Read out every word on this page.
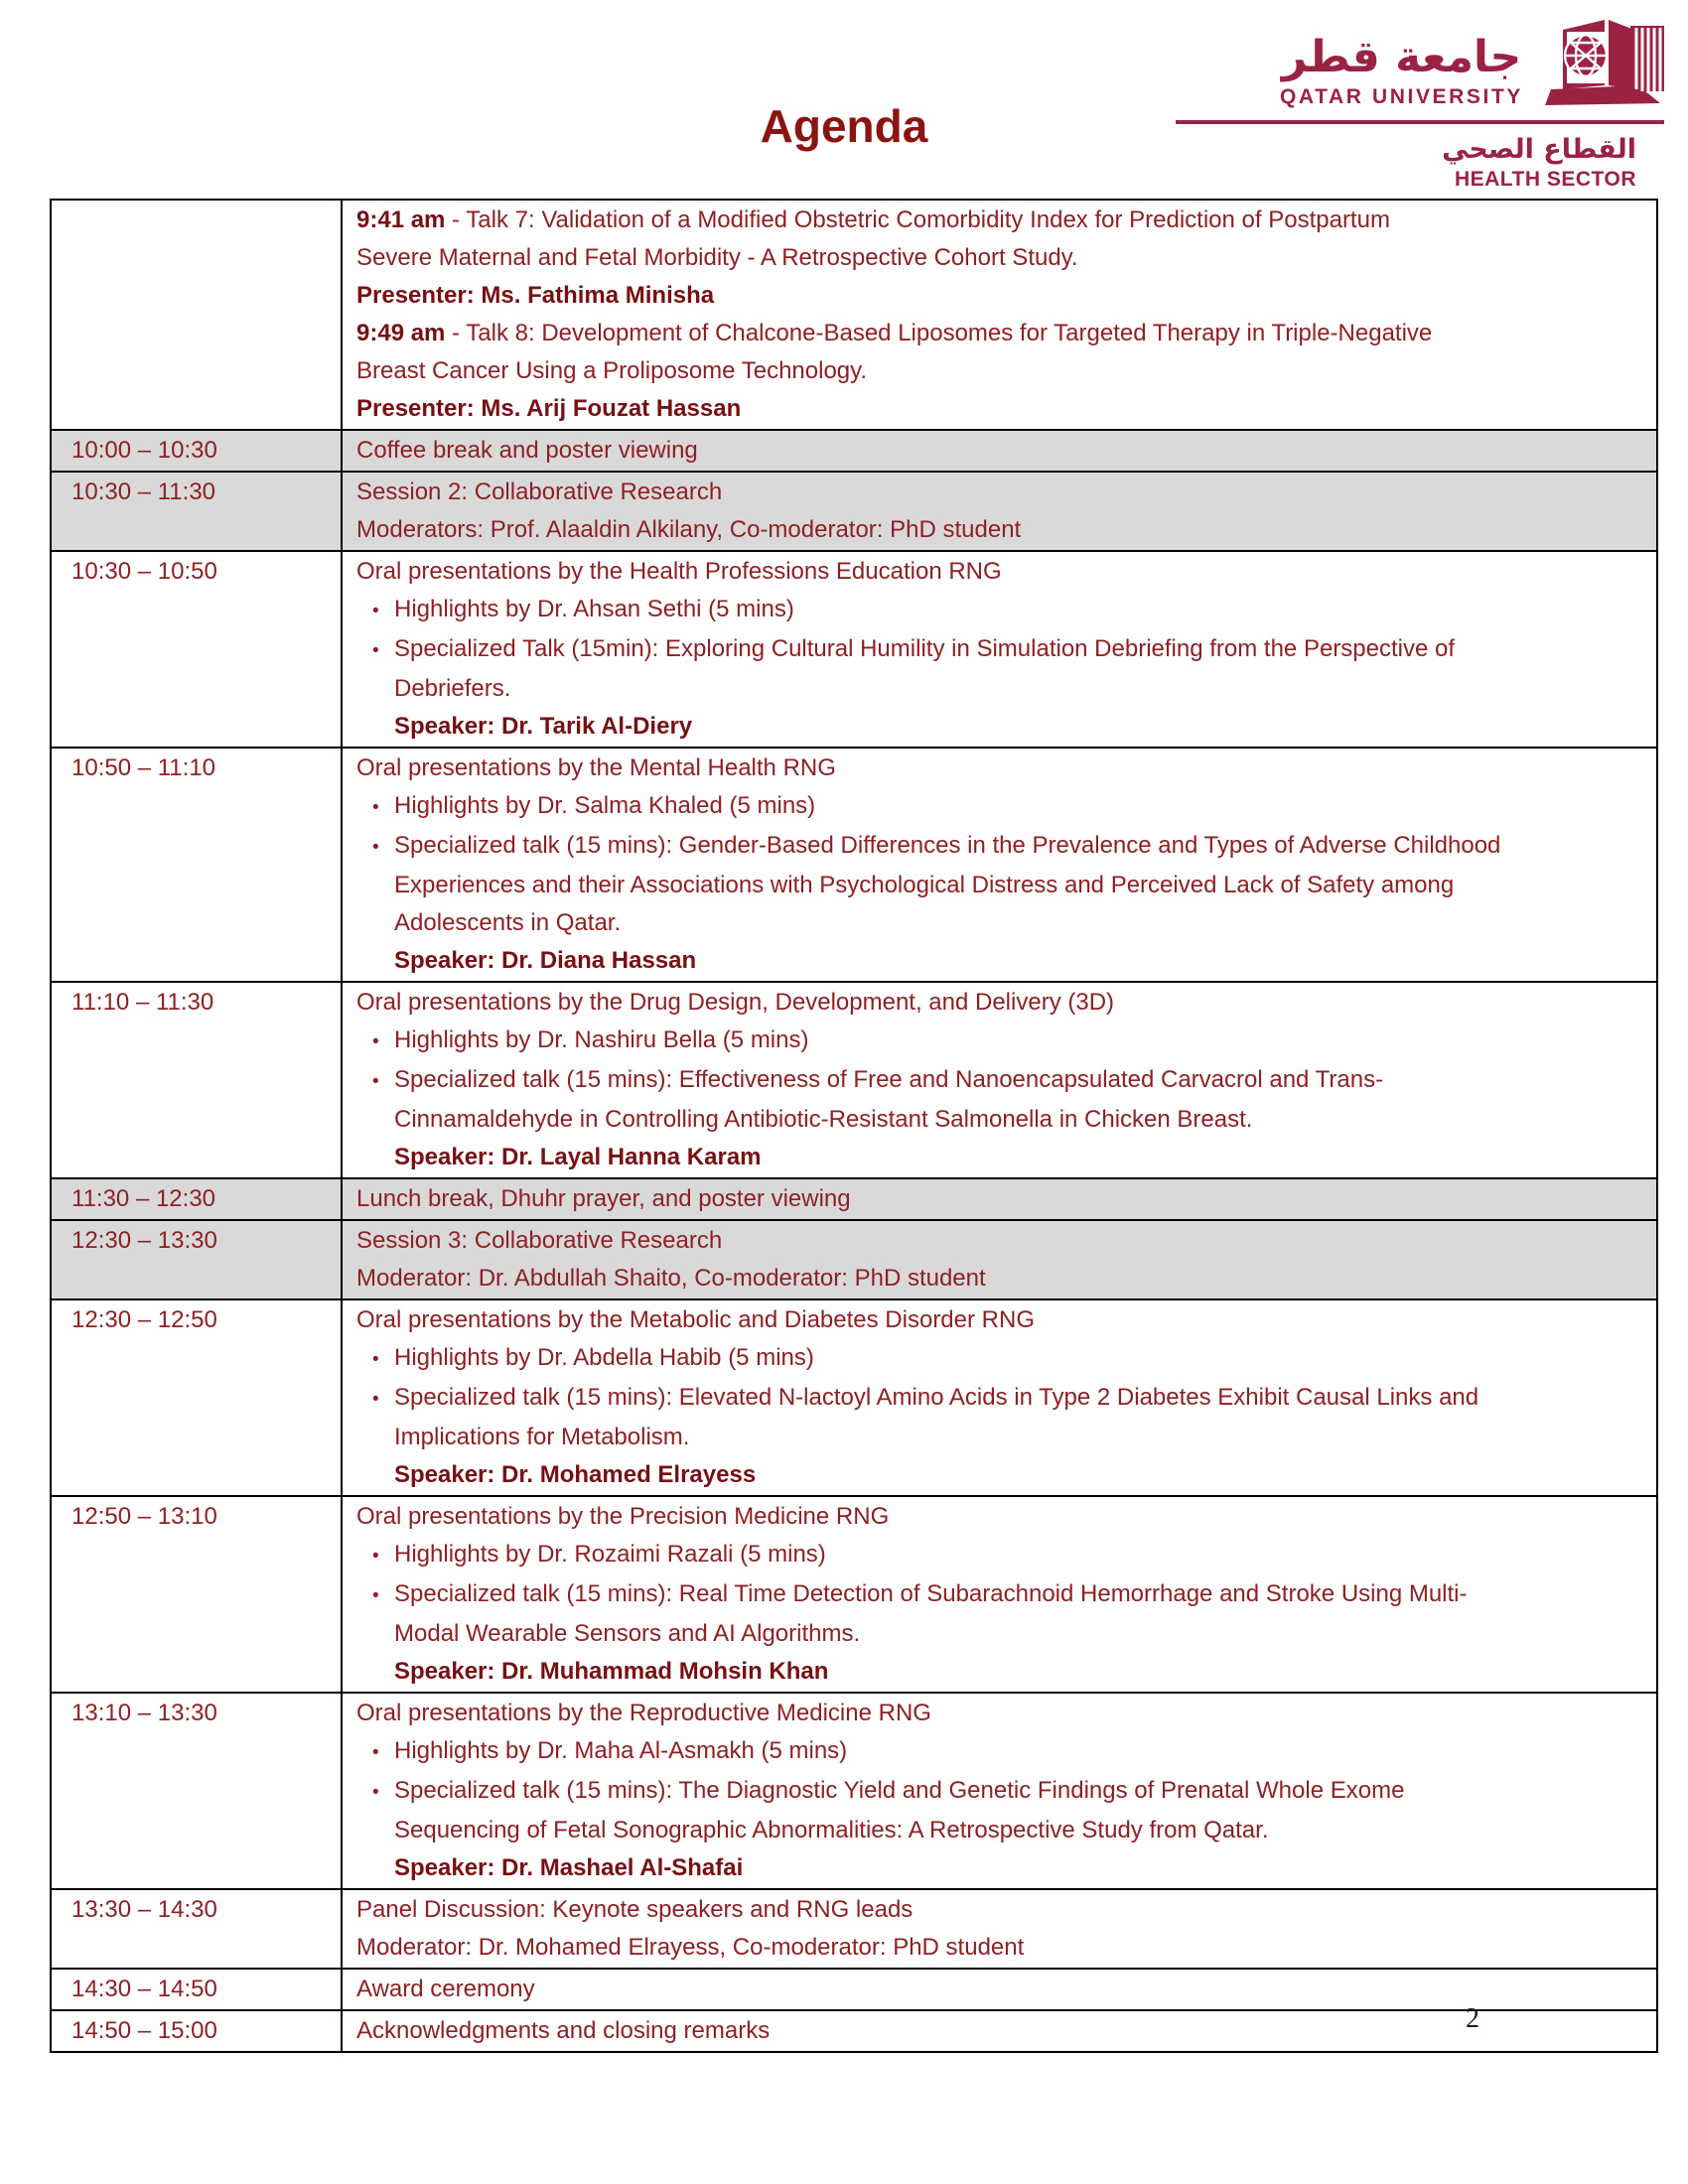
جامعة قطر
QATAR UNIVERSITY
القطاع الصحي
HEALTH SECTOR
Agenda
9:41 am - Talk 7: Validation of a Modified Obstetric Comorbidity Index for Prediction of Postpartum
Severe Maternal and Fetal Morbidity - A Retrospective Cohort Study.
Presenter: Ms. Fathima Minisha
9:49 am - Talk 8: Development of Chalcone-Based Liposomes for Targeted Therapy in Triple-Negative
Breast Cancer Using a Proliposome Technology.
Presenter: Ms. Arij Fouzat Hassan
10:00 – 10:30	Coffee break and poster viewing
10:30 – 11:30	Session 2: Collaborative Research
Moderators: Prof. Alaaldin Alkilany, Co-moderator: PhD student
10:30 – 10:50	Oral presentations by the Health Professions Education RNG
• Highlights by Dr. Ahsan Sethi (5 mins)
• Specialized Talk (15min): Exploring Cultural Humility in Simulation Debriefing from the Perspective of
Debriefers.
Speaker: Dr. Tarik Al-Diery
10:50 – 11:10	Oral presentations by the Mental Health RNG
• Highlights by Dr. Salma Khaled (5 mins)
• Specialized talk (15 mins): Gender-Based Differences in the Prevalence and Types of Adverse Childhood
Experiences and their Associations with Psychological Distress and Perceived Lack of Safety among
Adolescents in Qatar.
Speaker: Dr. Diana Hassan
11:10 – 11:30	Oral presentations by the Drug Design, Development, and Delivery (3D)
• Highlights by Dr. Nashiru Bella (5 mins)
• Specialized talk (15 mins): Effectiveness of Free and Nanoencapsulated Carvacrol and Trans-
Cinnamaldehyde in Controlling Antibiotic-Resistant Salmonella in Chicken Breast.
Speaker: Dr. Layal Hanna Karam
11:30 – 12:30	Lunch break, Dhuhr prayer, and poster viewing
12:30 – 13:30	Session 3: Collaborative Research
Moderator: Dr. Abdullah Shaito, Co-moderator: PhD student
12:30 – 12:50	Oral presentations by the Metabolic and Diabetes Disorder RNG
• Highlights by Dr. Abdella Habib (5 mins)
• Specialized talk (15 mins): Elevated N-lactoyl Amino Acids in Type 2 Diabetes Exhibit Causal Links and
Implications for Metabolism.
Speaker: Dr. Mohamed Elrayess
12:50 – 13:10	Oral presentations by the Precision Medicine RNG
• Highlights by Dr. Rozaimi Razali (5 mins)
• Specialized talk (15 mins): Real Time Detection of Subarachnoid Hemorrhage and Stroke Using Multi-
Modal Wearable Sensors and AI Algorithms.
Speaker: Dr. Muhammad Mohsin Khan
13:10 – 13:30	Oral presentations by the Reproductive Medicine RNG
• Highlights by Dr. Maha Al-Asmakh (5 mins)
• Specialized talk (15 mins): The Diagnostic Yield and Genetic Findings of Prenatal Whole Exome
Sequencing of Fetal Sonographic Abnormalities: A Retrospective Study from Qatar.
Speaker: Dr. Mashael Al-Shafai
13:30 – 14:30	Panel Discussion: Keynote speakers and RNG leads
Moderator: Dr. Mohamed Elrayess, Co-moderator: PhD student
14:30 – 14:50	Award ceremony
14:50 – 15:00	Acknowledgments and closing remarks	2
